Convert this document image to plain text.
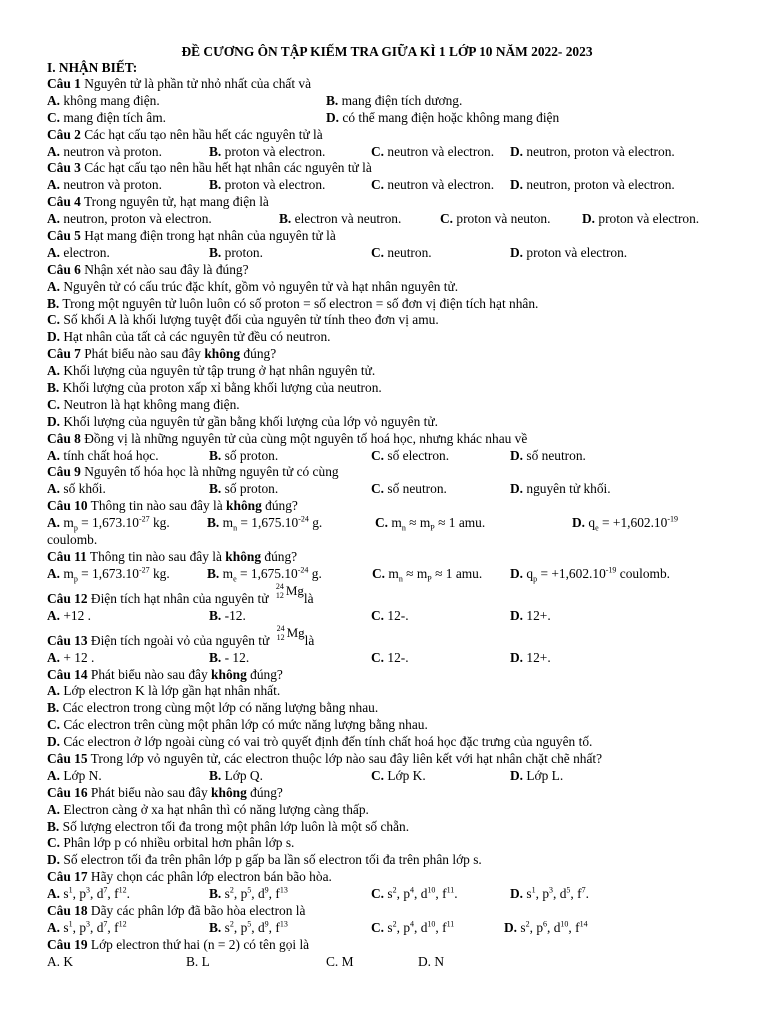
ĐỀ CƯƠNG ÔN TẬP KIẾM TRA GIỮA KÌ 1 LỚP 10 NĂM 2022- 2023
I. NHẬN BIẾT:
Câu 1 Nguyên tử là phần tử nhỏ nhất của chất và
A. không mang điện.	B. mang điện tích dương.
C. mang điện tích âm.	D. có thể mang điện hoặc không mang điện
Câu 2 Các hạt cấu tạo nên hầu hết các nguyên tử là
A. neutron và proton.	B. proton và electron.	C. neutron và electron. D. neutron, proton và electron.
Câu 3 Các hạt cấu tạo nên hầu hết hạt nhân các nguyên tử là
A. neutron và proton.	B. proton và electron.	C. neutron và electron. D. neutron, proton và electron.
Câu 4 Trong nguyên tử, hạt mang điện là
A. neutron, proton và electron.	B. electron và neutron.	C. proton và neuton. D. proton và electron.
Câu 5 Hạt mang điện trong hạt nhân của nguyên tử là
A. electron.	B. proton.	C. neutron.	D. proton và electron.
Câu 6 Nhận xét nào sau đây là đúng?
A. Nguyên tử có cấu trúc đặc khít, gồm vỏ nguyên tử và hạt nhân nguyên tử.
B. Trong một nguyên tử luôn luôn có số proton = số electron = số đơn vị điện tích hạt nhân.
C. Số khối A là khối lượng tuyệt đối của nguyên tử tính theo đơn vị amu.
D. Hạt nhân của tất cả các nguyên tử đều có neutron.
Câu 7 Phát biểu nào sau đây không đúng?
A. Khối lượng của nguyên tử tập trung ở hạt nhân nguyên tử.
B. Khối lượng của proton xấp xỉ bằng khối lượng của neutron.
C. Neutron là hạt không mang điện.
D. Khối lượng của nguyên tử gần bằng khối lượng của lớp vỏ nguyên tử.
Câu 8 Đồng vị là những nguyên tử của cùng một nguyên tố hoá học, nhưng khác nhau về
A. tính chất hoá học.	B. số proton.	C. số electron.	D. số neutron.
Câu 9 Nguyên tố hóa học là những nguyên tử có cùng
A. số khối.	B. số proton.	C. số neutron.	D. nguyên tử khối.
Câu 10 Thông tin nào sau đây là không đúng?
A. $m_p = 1,673.10^{-27}$ kg.	B. $m_n = 1,675.10^{-24}$ g.	C. $m_n \approx m_P \approx 1$ amu.	D. $q_e = +1,602.10^{-19}$
coulomb.
Câu 11 Thông tin nào sau đây là không đúng?
A. $m_p = 1,673.10^{-27}$ kg.	B. $m_e = 1,675.10^{-24}$ g.	C. $m_n \approx m_P \approx 1$ amu. D. $q_p = +1,602.10^{-19}$ coulomb.
Câu 12 Điện tích hạt nhân của nguyên tử
24
12 Mg
là
A. +12 .	B. -12.	C. 12-.	D. 12+.
Câu 13 Điện tích ngoài vỏ của nguyên tử
24
12 Mg
là
A. + 12 .	B. - 12.	C. 12-.	D. 12+.
Câu 14 Phát biểu nào sau đây không đúng?
A. Lớp electron K là lớp gần hạt nhân nhất.
B. Các electron trong cùng một lớp có năng lượng bằng nhau.
C. Các electron trên cùng một phân lớp có mức năng lượng bằng nhau.
D. Các electron ở lớp ngoài cùng có vai trò quyết định đến tính chất hoá học đặc trưng của nguyên tố.
Câu 15 Trong lớp vỏ nguyên tử, các electron thuộc lớp nào sau đây liên kết với hạt nhân chặt chẽ nhất?
A. Lớp N.	B. Lớp Q.	C. Lớp K.	D. Lớp L.
Câu 16 Phát biểu nào sau đây không đúng?
A. Electron càng ở xa hạt nhân thì có năng lượng càng thấp.
B. Số lượng electron tối đa trong một phân lớp luôn là một số chẵn.
C. Phân lớp p có nhiều orbital hơn phân lớp s.
D. Số electron tối đa trên phân lớp p gấp ba lần số electron tối đa trên phân lớp s.
Câu 17 Hãy chọn các phân lớp electron bán bão hòa.
A. $s^1$, $p^3$, $d^7$, $f^{12}$.	B. $s^2$, $p^5$, $d^9$, $f^{13}$	C. $s^2$, $p^4$, $d^{10}$, $f^{11}$.	D. $s^1$, $p^3$, $d^5$, $f^7$.
Câu 18 Dãy các phân lớp đã bão hòa electron là
A. $s^1$, $p^3$, $d^7$, $f^{12}$	B. $s^2$, $p^5$, $d^9$, $f^{13}$	C. $s^2$, $p^4$, $d^{10}$, $f^{11}$	D. $s^2$, $p^6$, $d^{10}$, $f^{14}$
Câu 19 Lớp electron thứ hai (n = 2) có tên gọi là
A. K	B. L	C. M	D. N
